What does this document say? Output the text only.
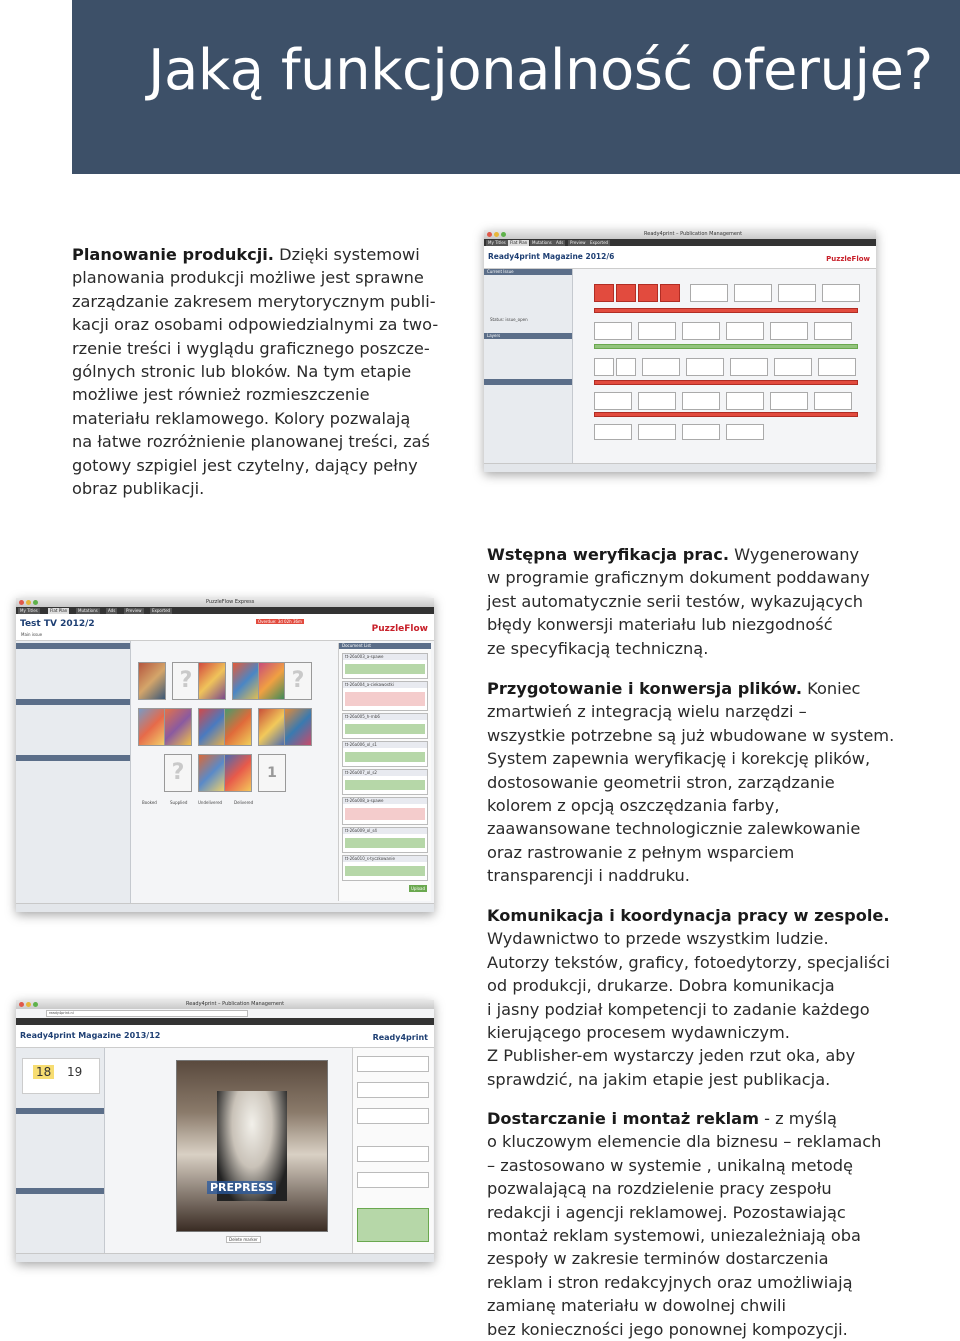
Jaką funkcjonalność oferuje?
Planowanie produkcji. Dzięki systemowi
planowania produkcji możliwe jest sprawne
zarządzanie zakresem merytorycznym publi-
kacji oraz osobami odpowiedzialnymi za two-
rzenie treści i wyglądu graficznego poszcze-
gólnych stronic lub bloków. Na tym etapie
możliwe jest również rozmieszczenie
materiału reklamowego. Kolory pozwalają
na łatwe rozróżnienie planowanej treści, zaś
gotowy szpigiel jest czytelny, dający pełny
obraz publikacji.
Ready4print – Publication Management
My Titles	Flat Plan	Mutations	Ads	Preview	Exported
Ready4print Magazine 2012/6	PuzzleFlow
Current Issue
Status: issue_open
Layers
Wstępna weryfikacja prac. Wygenerowany
w programie graficznym dokument poddawany
jest automatycznie serii testów, wykazujących
błędy konwersji materiału lub niezgodność
ze specyfikacją techniczną.
PuzzleFlow Express
My Titles	Flat Plan	Mutations	Ads	Preview	Exported
Test TV 2012/2
Main issue
Overdue: 3d 02h 36m
PuzzleFlow
?	?
?	1
Booked	Supplied	Undelivered	Delivered
Document List
tt-26a003_a-spawe
tt-26a004_a-ciekawostki
tt-26a005_h-rnb6
tt-26a006_ol_s1
tt-26a007_ol_s2
tt-26a008_a-spawe
tt-26a009_ol_s4
tt-26a010_s-tyczkowanie
Upload
Przygotowanie i konwersja plików. Koniec
zmartwień z integracją wielu narzędzi –
wszystkie potrzebne są już wbudowane w system.
System zapewnia weryfikację i korekcję plików,
dostosowanie geometrii stron, zarządzanie
kolorem z opcją oszczędzania farby,
zaawansowane technologicznie zalewkowanie
oraz rastrowanie z pełnym wsparciem
transparencji i naddruku.
Komunikacja i koordynacja pracy w zespole.
Wydawnictwo to przede wszystkim ludzie.
Autorzy tekstów, graficy, fotoedytorzy, specjaliści
od produkcji, drukarze. Dobra komunikacja
i jasny podział kompetencji to zadanie każdego
kierującego procesem wydawniczym.
Z Publisher-em wystarczy jeden rzut oka, aby
sprawdzić, na jakim etapie jest publikacja.
Ready4print – Publication Management
ready4print.nl
Ready4print Magazine 2013/12	Ready4print
18 19
PREPRESS
Delete marker
Dostarczanie i montaż reklam - z myślą
o kluczowym elemencie dla biznesu – reklamach
– zastosowano w systemie , unikalną metodę
pozwalającą na rozdzielenie pracy zespołu
redakcji i agencji reklamowej. Pozostawiając
montaż reklam systemowi, uniezależniają oba
zespoły w zakresie terminów dostarczenia
reklam i stron redakcyjnych oraz umożliwiają
zamianę materiału w dowolnej chwili
bez konieczności jego ponownej kompozycji.
